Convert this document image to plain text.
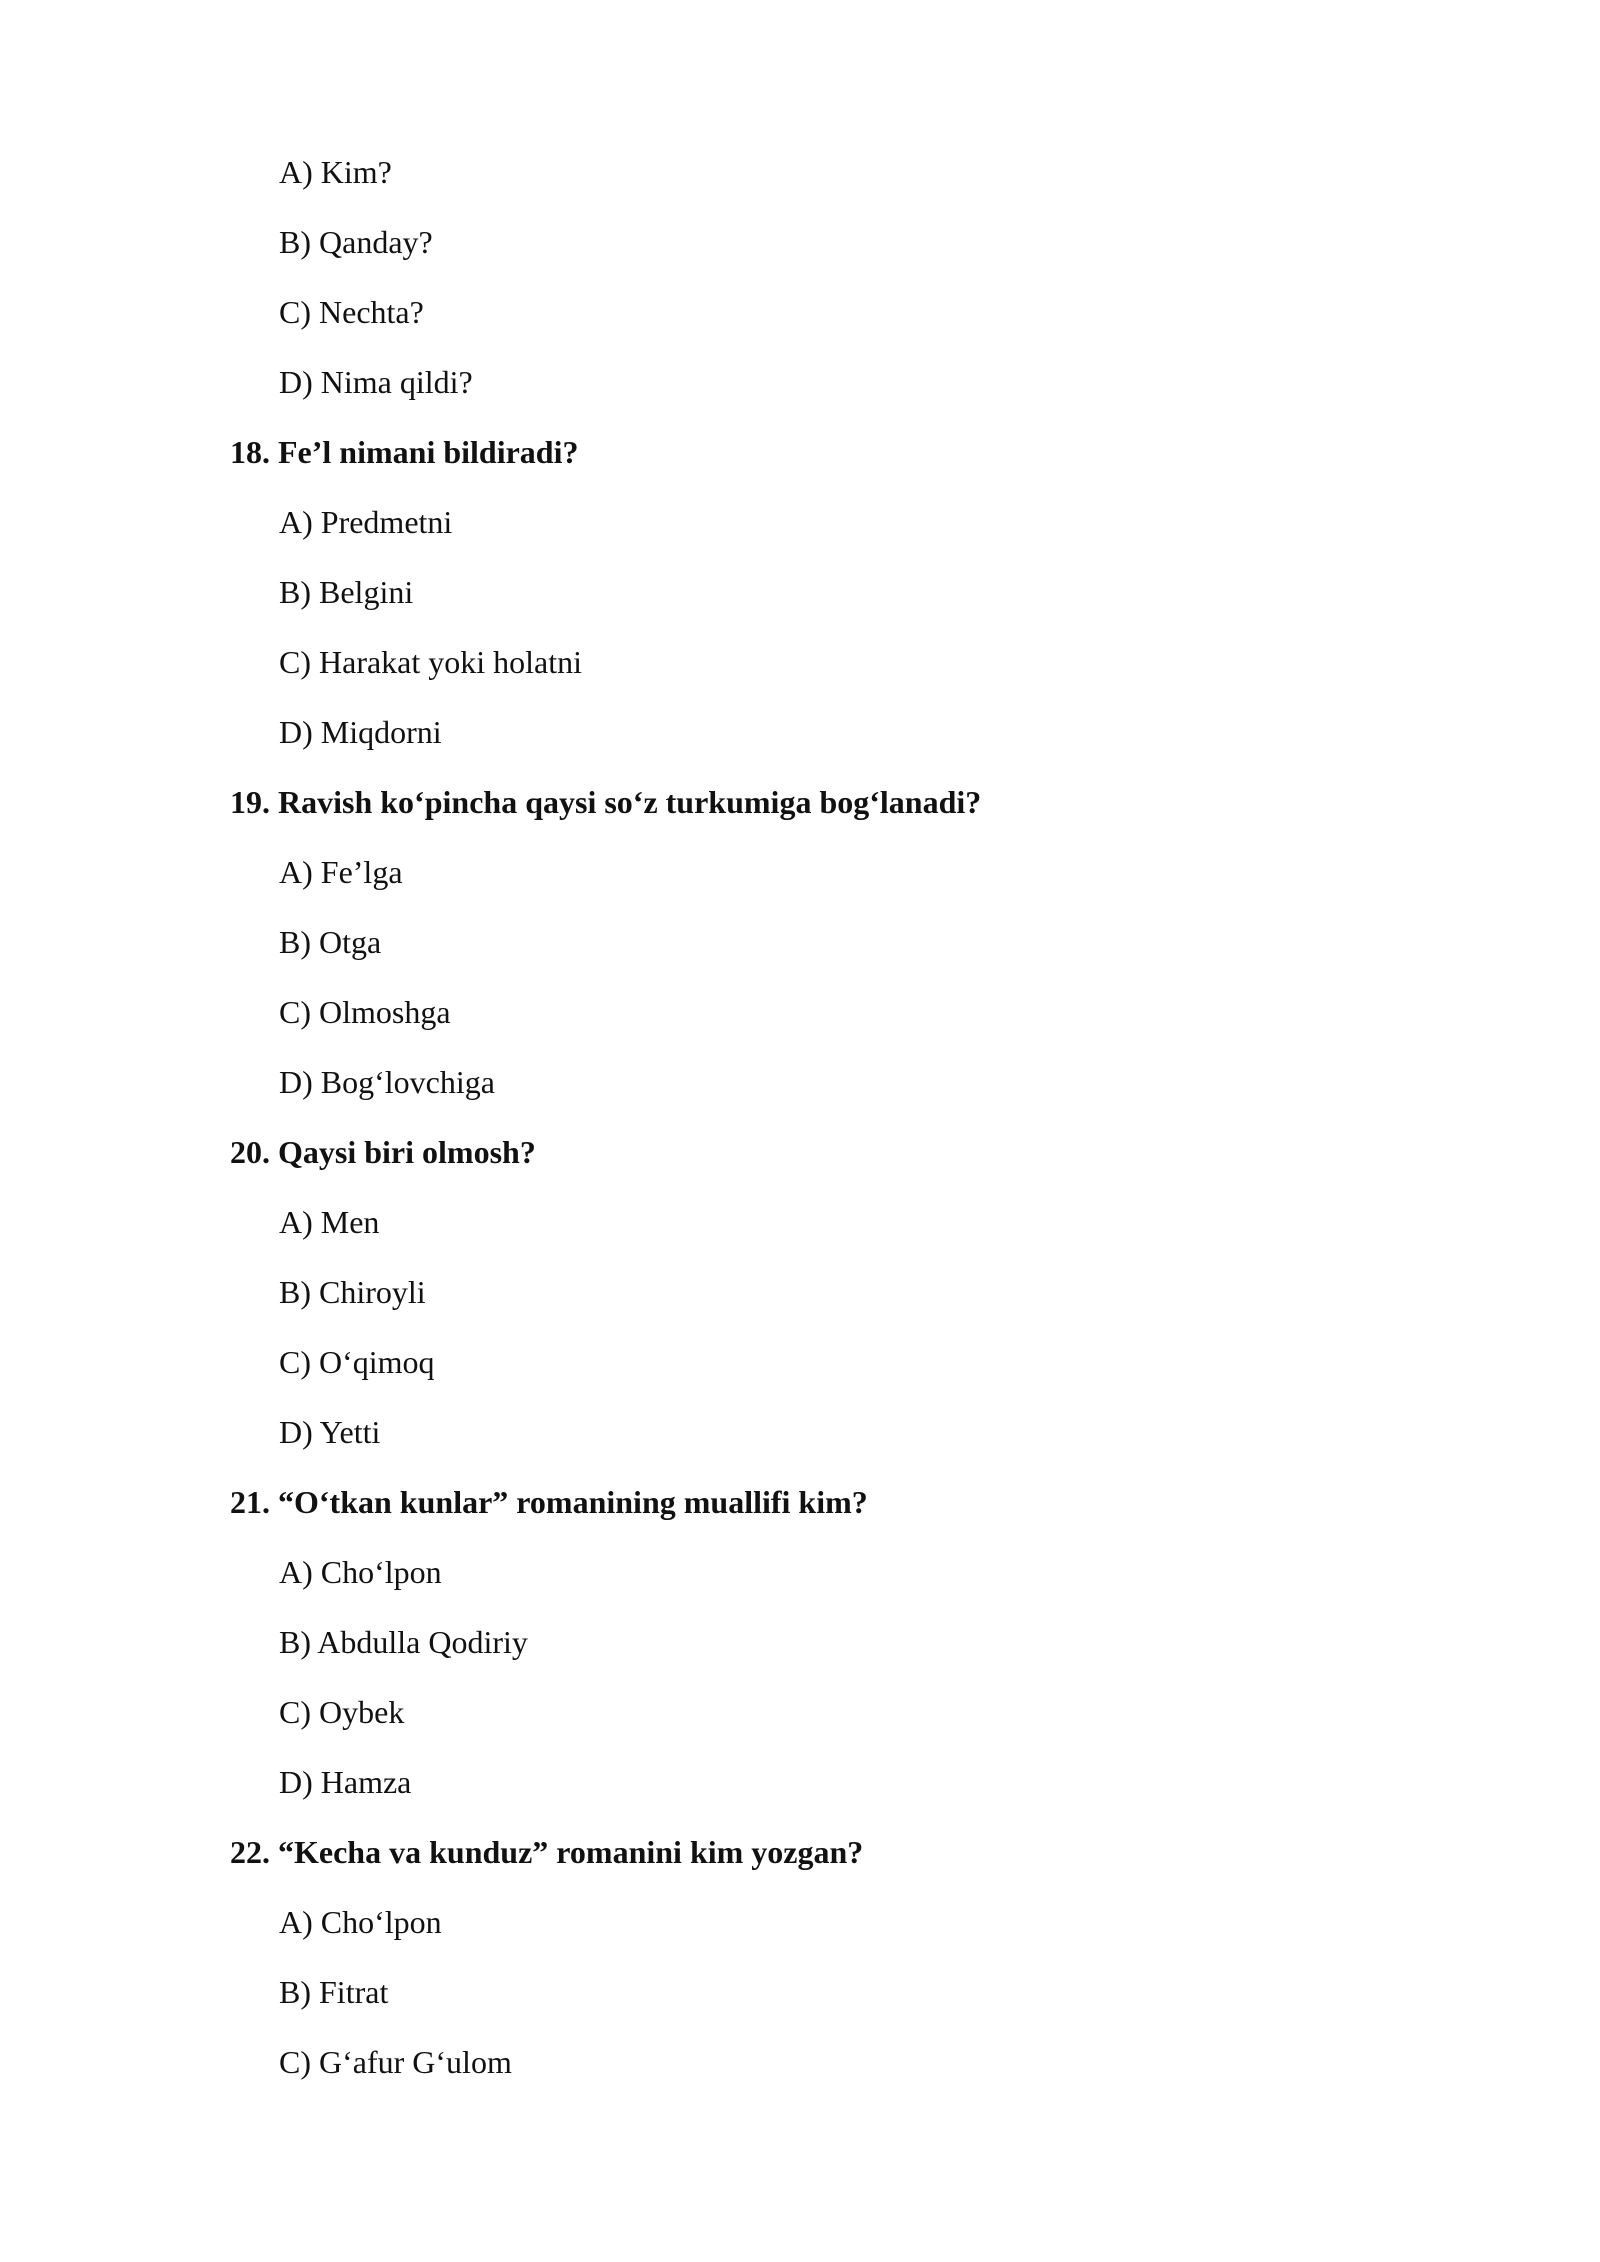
A) Kim?
B) Qanday?
C) Nechta?
D) Nima qildi?
18. Fe’l nimani bildiradi?
A) Predmetni
B) Belgini
C) Harakat yoki holatni
D) Miqdorni
19. Ravish ko‘pincha qaysi so‘z turkumiga bog‘lanadi?
A) Fe’lga
B) Otga
C) Olmoshga
D) Bog‘lovchiga
20. Qaysi biri olmosh?
A) Men
B) Chiroyli
C) O‘qimoq
D) Yetti
21. “O‘tkan kunlar” romanining muallifi kim?
A) Cho‘lpon
B) Abdulla Qodiriy
C) Oybek
D) Hamza
22. “Kecha va kunduz” romanini kim yozgan?
A) Cho‘lpon
B) Fitrat
C) G‘afur G‘ulom
